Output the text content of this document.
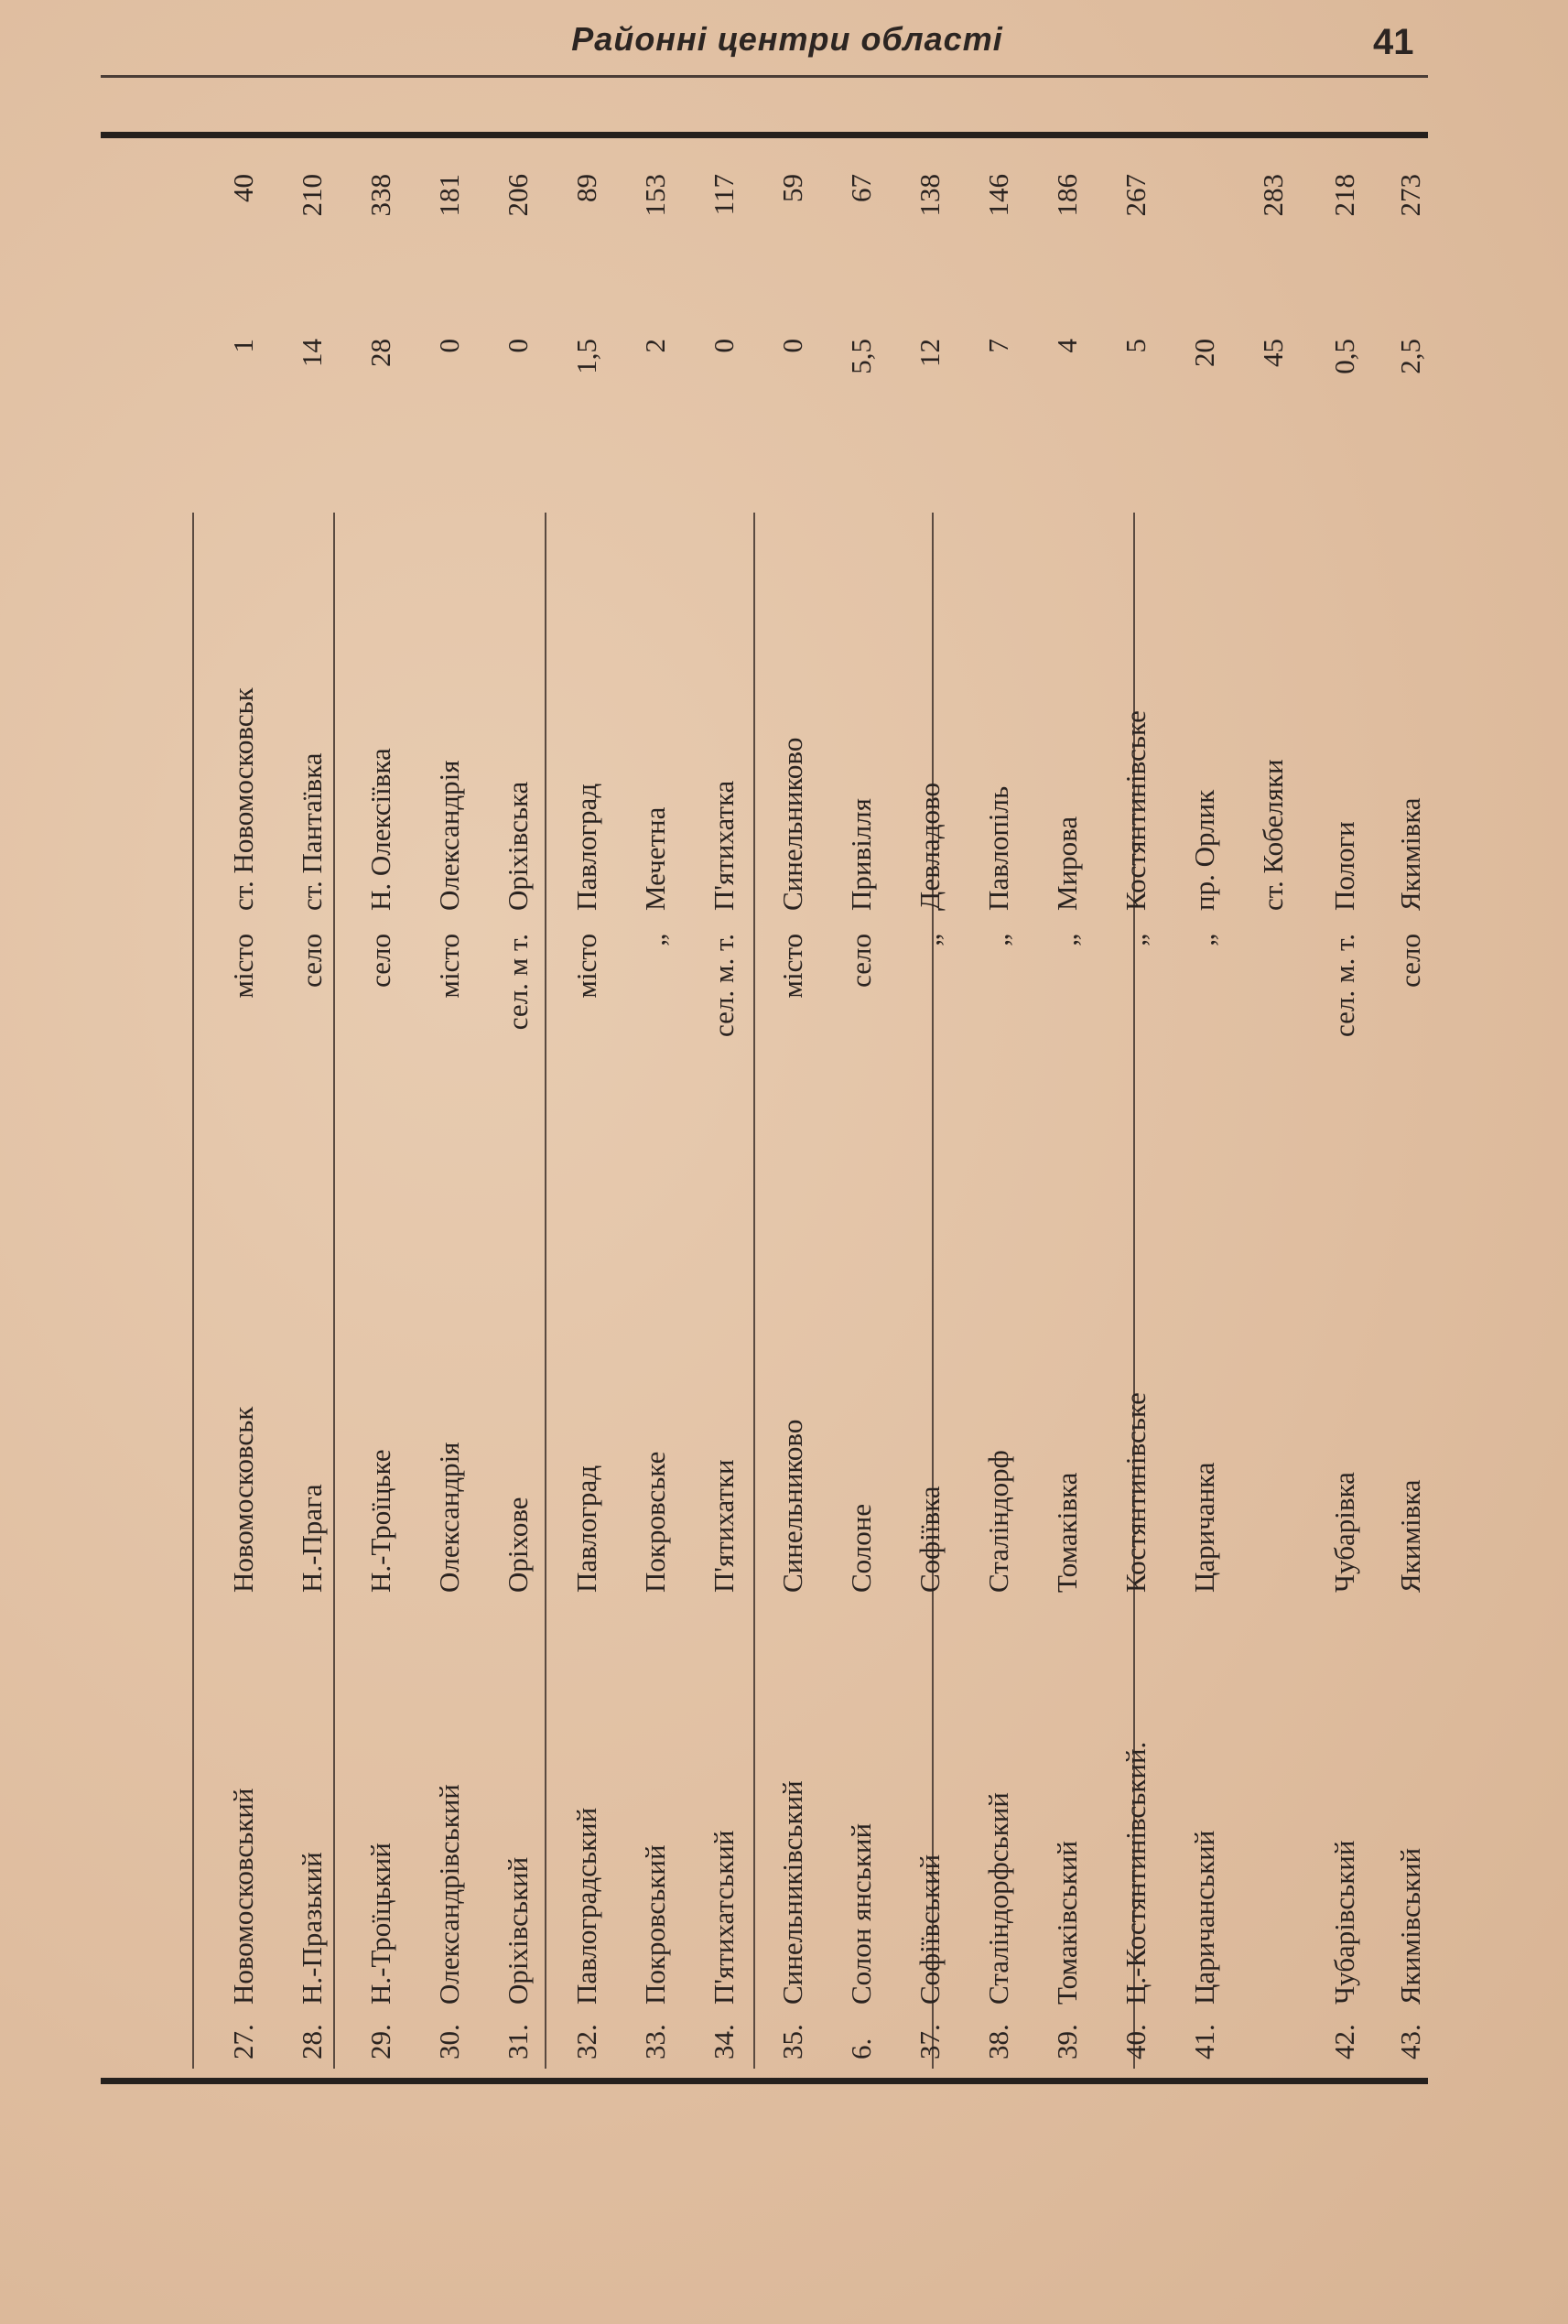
Районні центри області	41
27.
Новомосковський
Новомосковськ
місто
ст. Новомосковськ
1
40
28.
Н.-Празький
Н.-Прага
село
ст. Пантаївка
14
210
29.
Н.-Троїцький
Н.-Троїцьке
село
Н. Олексіївка
28
338
30.
Олександрівський
Олександрія
місто
Олександрія
0
181
31.
Оріхівський
Оріхове
сел. м т.
Оріхівська
0
206
32.
Павлоградський
Павлоград
місто
Павлоград
1,5
89
33.
Покровський
Покровське
„
Мечетна
2
153
34.
П'ятихатський
П'ятихатки
сел. м. т.
П'ятихатка
0
117
35.
Синельниківський
Синельниково
місто
Синельниково
0
59
6.
Солон янський
Солоне
село
Привілля
5,5
67
37.
Софіївський
Софіївка
„
Девладово
12
138
38.
Сталіндорфський
Сталіндорф
„
Павлопіль
7
146
39.
Томаківський
Томаківка
„
Мирова
4
186
40.
Ц.-Костянтинівський.
Костянтинівське
„
Костянтинівське
5
267
41.
Царичанський
Царичанка
„
пр. Орлик
20
ст. Кобеляки
45
283
42.
Чубарівський
Чубарівка
сел. м. т.
Пологи
0,5
218
43.
Якимівський
Якимівка
село
Якимівка
2,5
273
